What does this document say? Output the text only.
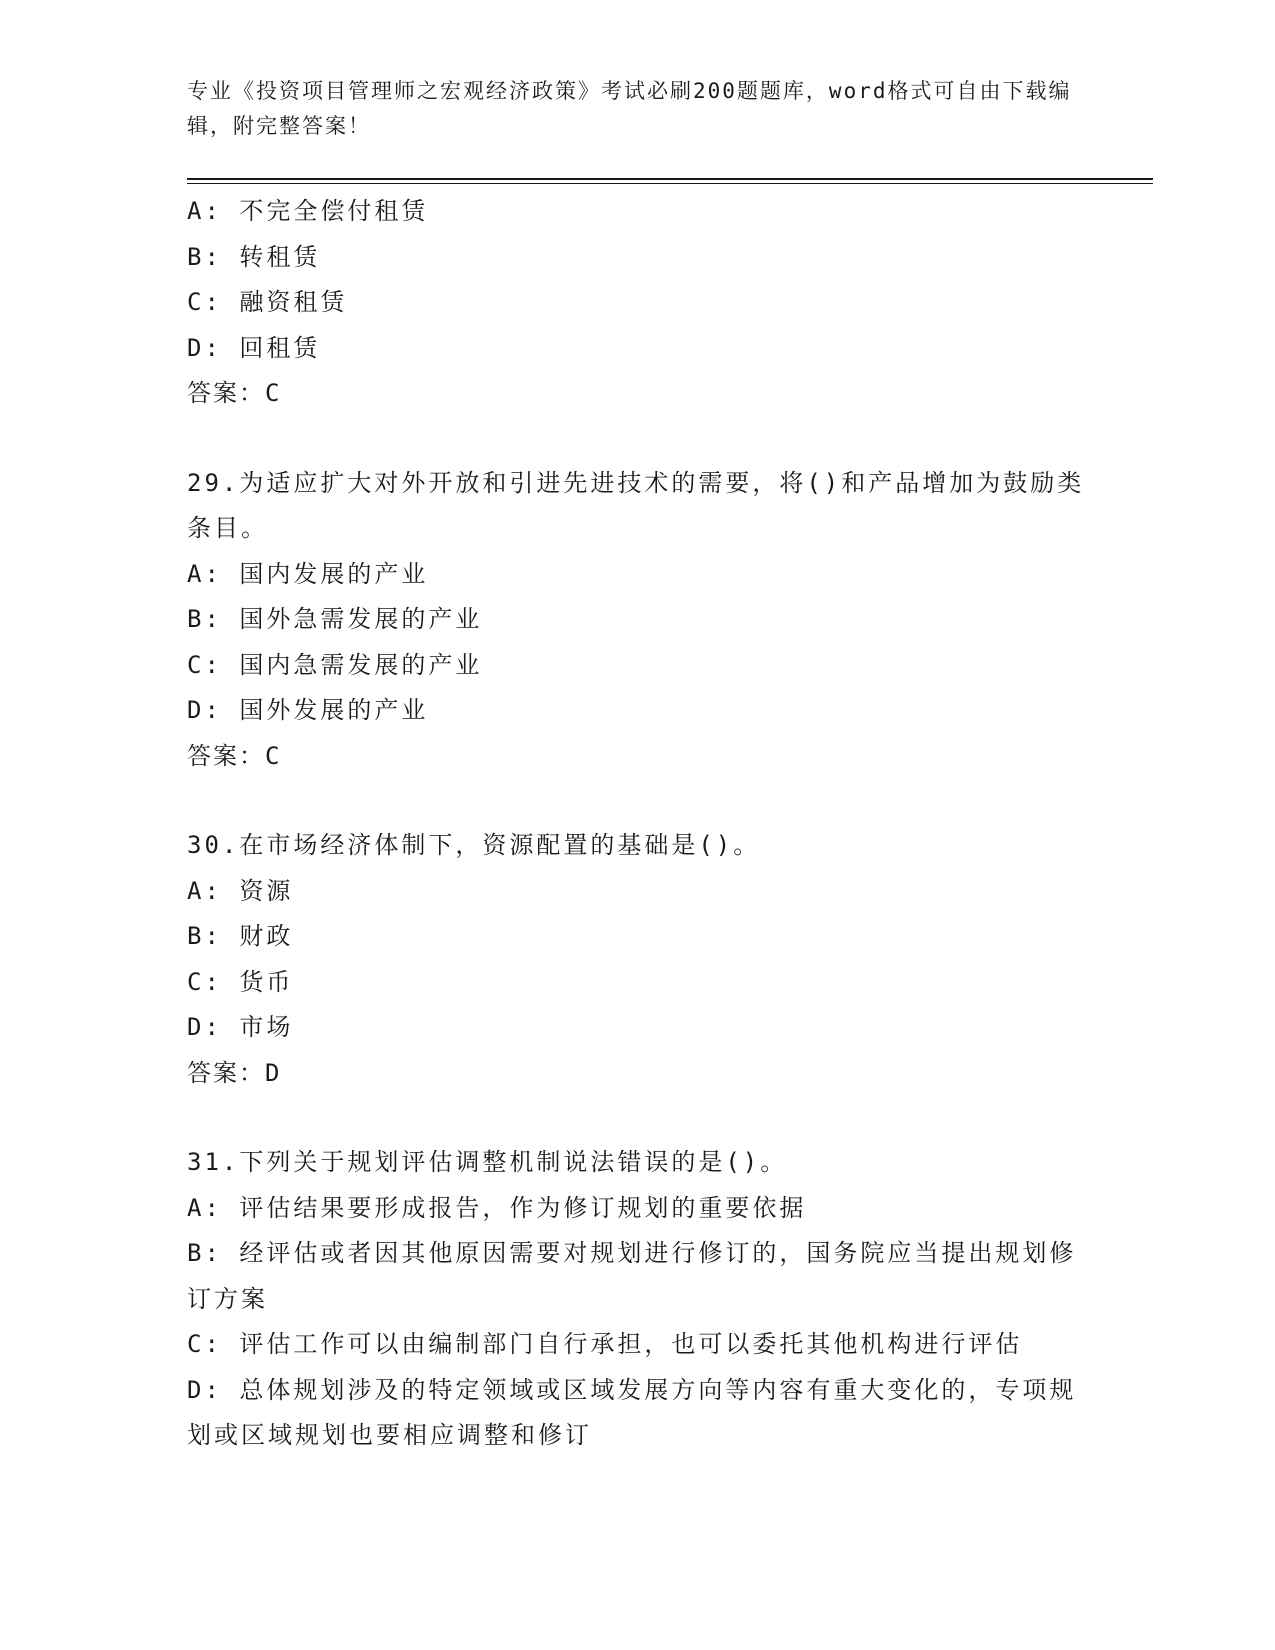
专业《投资项目管理师之宏观经济政策》考试必刷200题题库，word格式可自由下载编辑，附完整答案！
A: 不完全偿付租赁
B: 转租赁
C: 融资租赁
D: 回租赁
答案：C
29.为适应扩大对外开放和引进先进技术的需要，将()和产品增加为鼓励类条目。
A: 国内发展的产业
B: 国外急需发展的产业
C: 国内急需发展的产业
D: 国外发展的产业
答案：C
30.在市场经济体制下，资源配置的基础是()。
A: 资源
B: 财政
C: 货币
D: 市场
答案：D
31.下列关于规划评估调整机制说法错误的是()。
A: 评估结果要形成报告，作为修订规划的重要依据
B: 经评估或者因其他原因需要对规划进行修订的，国务院应当提出规划修订方案
C: 评估工作可以由编制部门自行承担，也可以委托其他机构进行评估
D: 总体规划涉及的特定领域或区域发展方向等内容有重大变化的，专项规划或区域规划也要相应调整和修订
